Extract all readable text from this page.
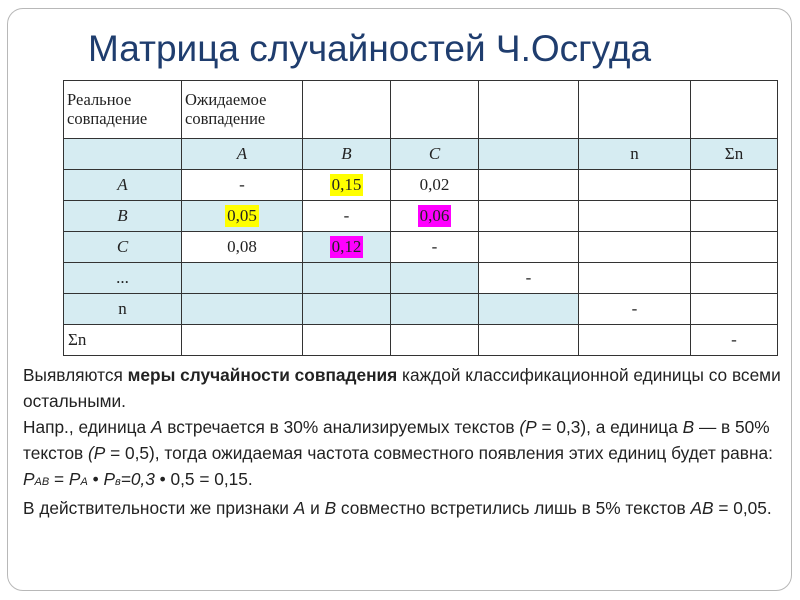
Матрица случайностей Ч.Осгуда
Реальное
совпадение	Ожидаемое
совпадение					
	A	B	C		n	Σn
A	-	0,15	0,02			
B	0,05	-	0,06			
C	0,08	0,12	-			
...				-		
n					-	
Σn						-

Выявляются меры случайности совпадения каждой классификационной единицы со всеми остальными.

Напр., единица А встречается в 30% анализируемых текстов (Р = 0,3), а единица В — в 50% текстов (Р = 0,5), тогда ожидаемая частота совместного появления этих единиц будет равна: РАВ = РА • Рв=0,3 • 0,5 = 0,15.

В действительности же признаки А и В совместно встретились лишь в 5% текстов АВ = 0,05.
